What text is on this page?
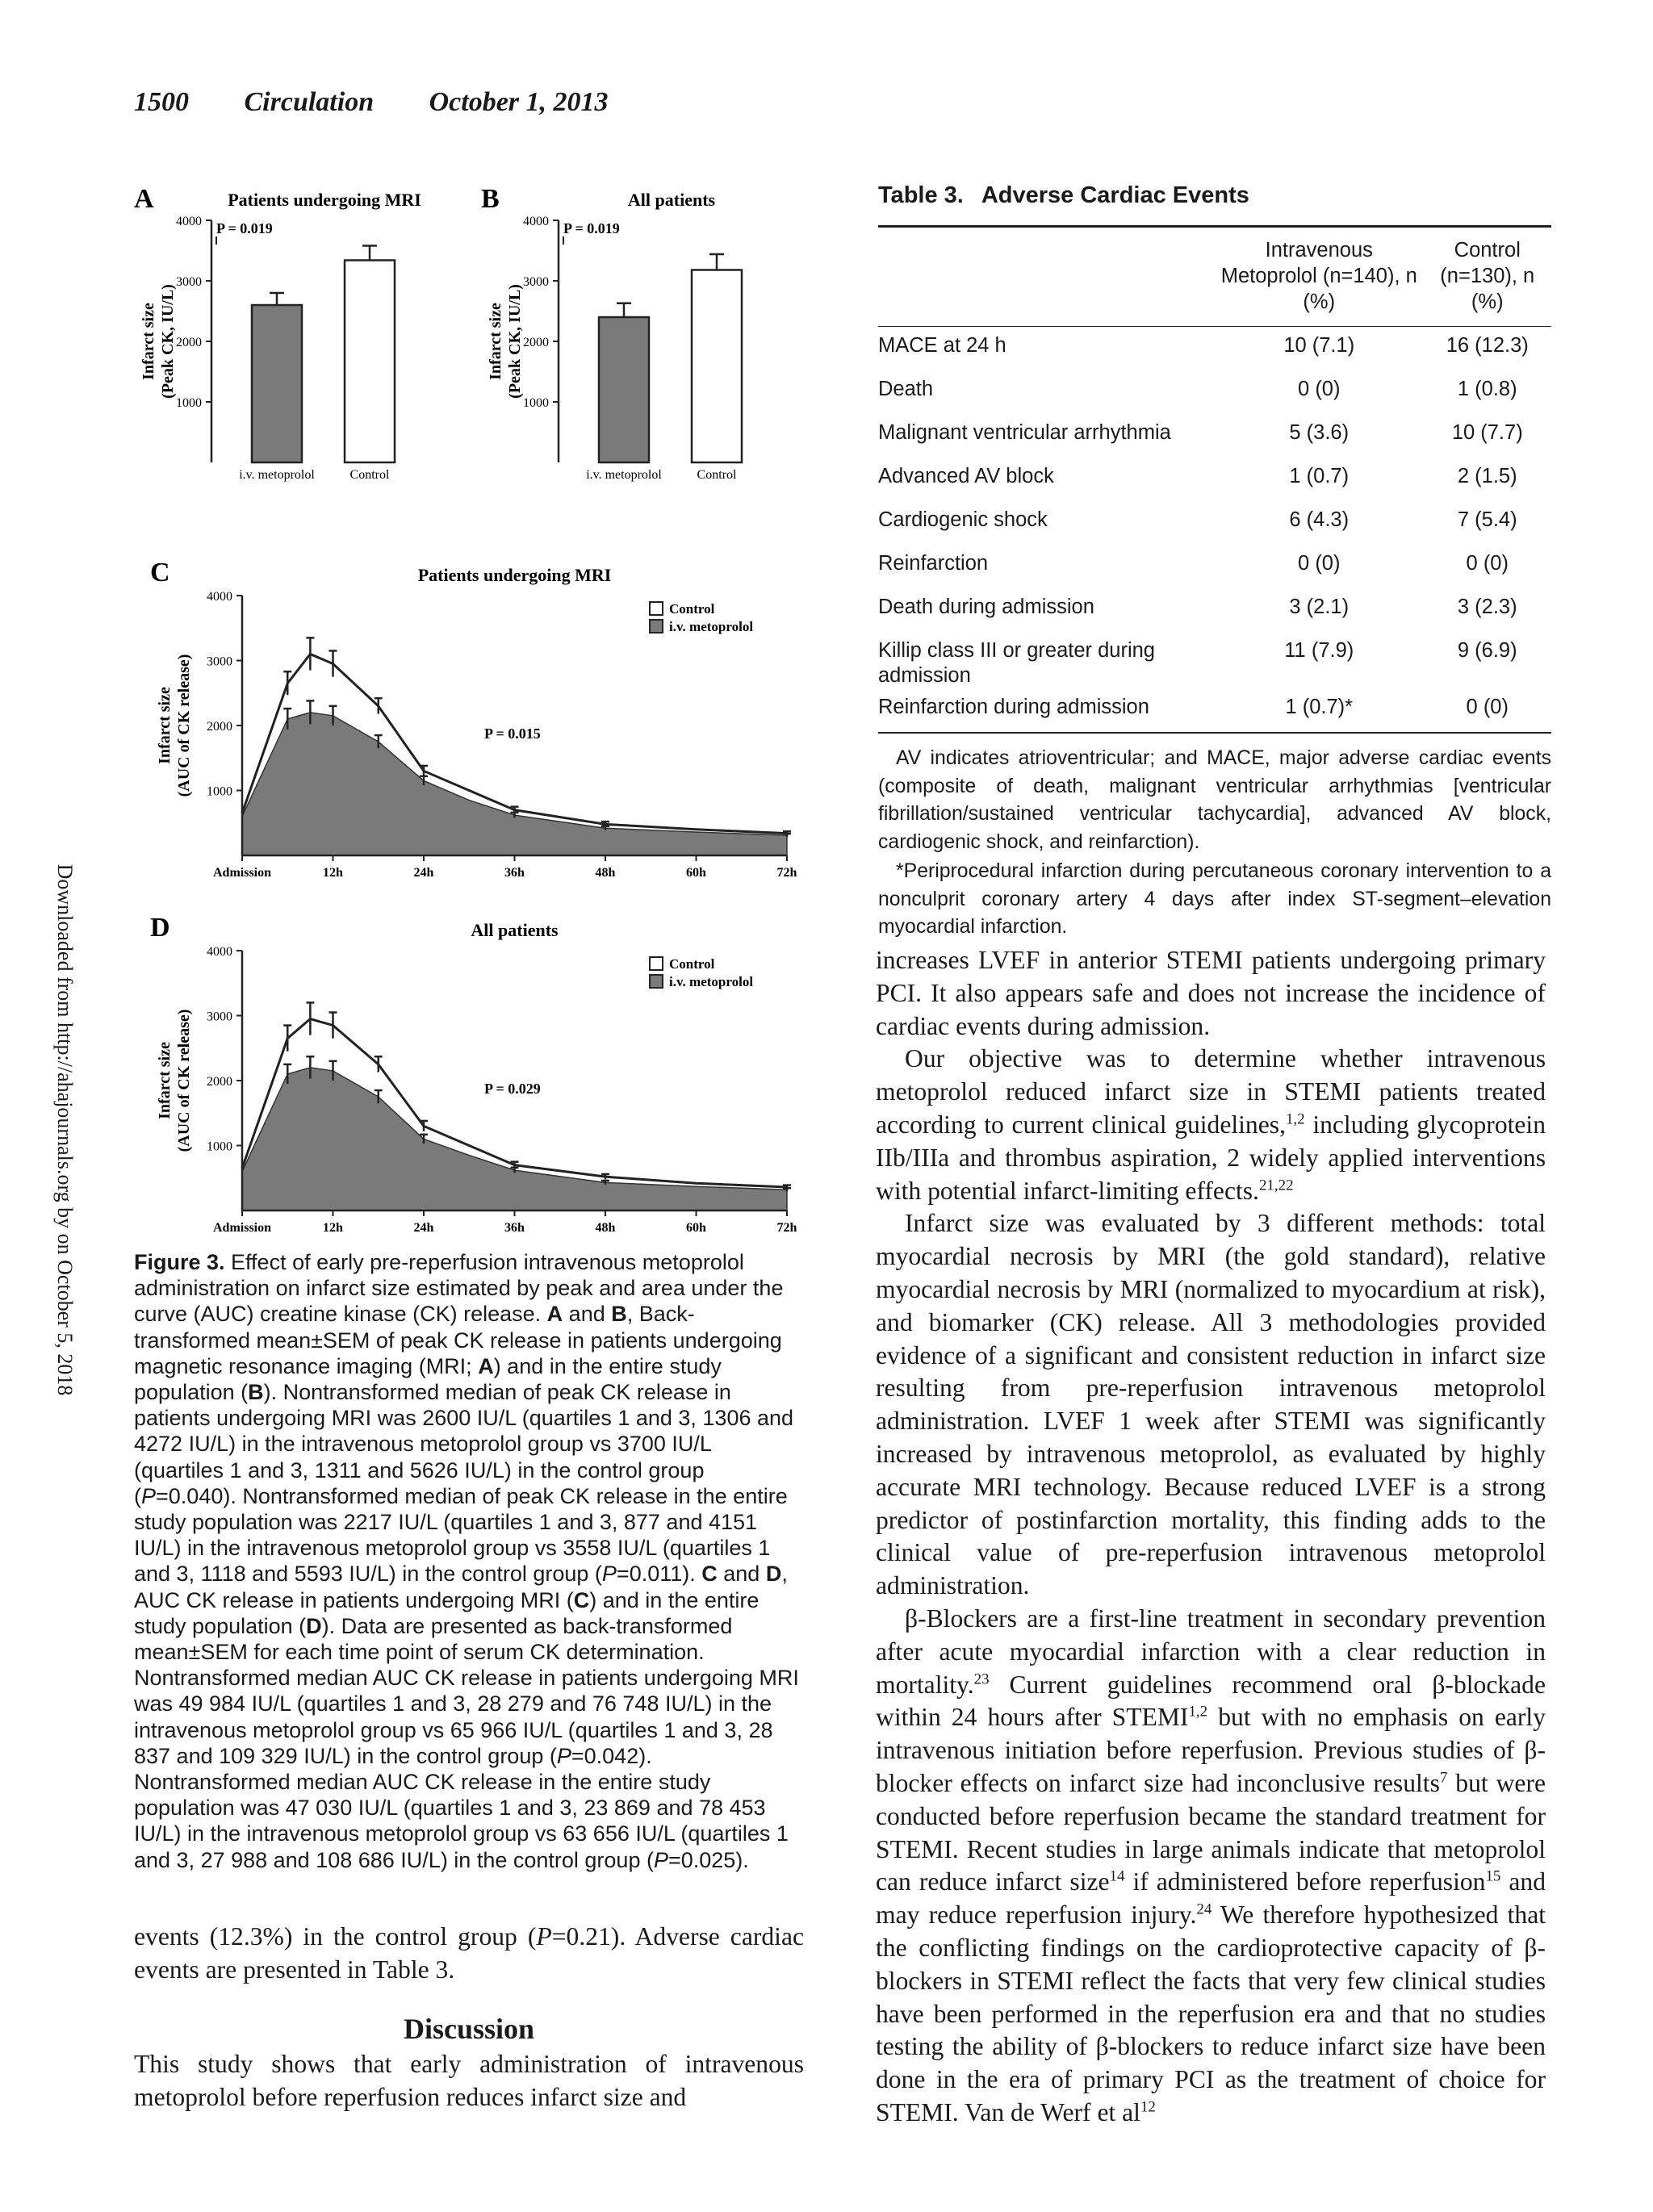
1500 Circulation October 1, 2013
Downloaded from http://ahajournals.org by on October 5, 2018
A	Patients undergoing MRI
1000
2000
3000
4000
Infarct size (Peak CK, IU/L)
P = 0.019
i.v. metoprolol	Control
B	All patients
1000
2000
3000
4000
Infarct size (Peak CK, IU/L)
P = 0.019
i.v. metoprolol	Control
C	Patients undergoing MRI
1000
2000
3000
4000
Admission	12h	24h	36h	48h	60h	72h
Infarct size (AUC of CK release)	P = 0.015
Control
i.v. metoprolol
D	All patients
1000
2000
3000
4000
Admission	12h	24h	36h	48h	60h	72h
Infarct size (AUC of CK release)	P = 0.029
Control
i.v. metoprolol
Figure 3. Effect of early pre-reperfusion intravenous metoprolol administration on infarct size estimated by peak and area under the curve (AUC) creatine kinase (CK) release. A and B, Back-transformed mean±SEM of peak CK release in patients undergoing magnetic resonance imaging (MRI; A) and in the entire study population (B). Nontransformed median of peak CK release in patients undergoing MRI was 2600 IU/L (quartiles 1 and 3, 1306 and 4272 IU/L) in the intravenous metoprolol group vs 3700 IU/L (quartiles 1 and 3, 1311 and 5626 IU/L) in the control group (P=0.040). Nontransformed median of peak CK release in the entire study population was 2217 IU/L (quartiles 1 and 3, 877 and 4151 IU/L) in the intravenous metoprolol group vs 3558 IU/L (quartiles 1 and 3, 1118 and 5593 IU/L) in the control group (P=0.011). C and D, AUC CK release in patients undergoing MRI (C) and in the entire study population (D). Data are presented as back-transformed mean±SEM for each time point of serum CK determination. Nontransformed median AUC CK release in patients undergoing MRI was 49 984 IU/L (quartiles 1 and 3, 28 279 and 76 748 IU/L) in the intravenous metoprolol group vs 65 966 IU/L (quartiles 1 and 3, 28 837 and 109 329 IU/L) in the control group (P=0.042). Nontransformed median AUC CK release in the entire study population was 47 030 IU/L (quartiles 1 and 3, 23 869 and 78 453 IU/L) in the intravenous metoprolol group vs 63 656 IU/L (quartiles 1 and 3, 27 988 and 108 686 IU/L) in the control group (P=0.025).

events (12.3%) in the control group (P=0.21). Adverse cardiac events are presented in Table 3.

Discussion

This study shows that early administration of intravenous metoprolol before reperfusion reduces infarct size and

Table 3. Adverse Cardiac Events
	Intravenous Metoprolol (n=140), n (%)	Control (n=130), n (%)
MACE at 24 h	10 (7.1)	16 (12.3)
Death	0 (0)	1 (0.8)
Malignant ventricular arrhythmia	5 (3.6)	10 (7.7)
Advanced AV block	1 (0.7)	2 (1.5)
Cardiogenic shock	6 (4.3)	7 (5.4)
Reinfarction	0 (0)	0 (0)
Death during admission	3 (2.1)	3 (2.3)
Killip class III or greater during admission	11 (7.9)	9 (6.9)
Reinfarction during admission	1 (0.7)*	0 (0)

AV indicates atrioventricular; and MACE, major adverse cardiac events (composite of death, malignant ventricular arrhythmias [ventricular fibrillation/sustained ventricular tachycardia], advanced AV block, cardiogenic shock, and reinfarction).

*Periprocedural infarction during percutaneous coronary intervention to a nonculprit coronary artery 4 days after index ST-segment–elevation myocardial infarction.

increases LVEF in anterior STEMI patients undergoing primary PCI. It also appears safe and does not increase the incidence of cardiac events during admission.

Our objective was to determine whether intravenous metoprolol reduced infarct size in STEMI patients treated according to current clinical guidelines,$^{1,2}$ including glycoprotein IIb/IIIa and thrombus aspiration, 2 widely applied interventions with potential infarct-limiting effects.$^{21,22}$

Infarct size was evaluated by 3 different methods: total myocardial necrosis by MRI (the gold standard), relative myocardial necrosis by MRI (normalized to myocardium at risk), and biomarker (CK) release. All 3 methodologies provided evidence of a significant and consistent reduction in infarct size resulting from pre-reperfusion intravenous metoprolol administration. LVEF 1 week after STEMI was significantly increased by intravenous metoprolol, as evaluated by highly accurate MRI technology. Because reduced LVEF is a strong predictor of postinfarction mortality, this finding adds to the clinical value of pre-reperfusion intravenous metoprolol administration.

β-Blockers are a first-line treatment in secondary prevention after acute myocardial infarction with a clear reduction in mortality.$^{23}$ Current guidelines recommend oral β-blockade within 24 hours after STEMI$^{1,2}$ but with no emphasis on early intravenous initiation before reperfusion. Previous studies of β-blocker effects on infarct size had inconclusive results$^7$ but were conducted before reperfusion became the standard treatment for STEMI. Recent studies in large animals indicate that metoprolol can reduce infarct size$^{14}$ if administered before reperfusion$^{15}$ and may reduce reperfusion injury.$^{24}$ We therefore hypothesized that the conflicting findings on the cardioprotective capacity of β-blockers in STEMI reflect the facts that very few clinical studies have been performed in the reperfusion era and that no studies testing the ability of β-blockers to reduce infarct size have been done in the era of primary PCI as the treatment of choice for STEMI. Van de Werf et $al^{12}$
